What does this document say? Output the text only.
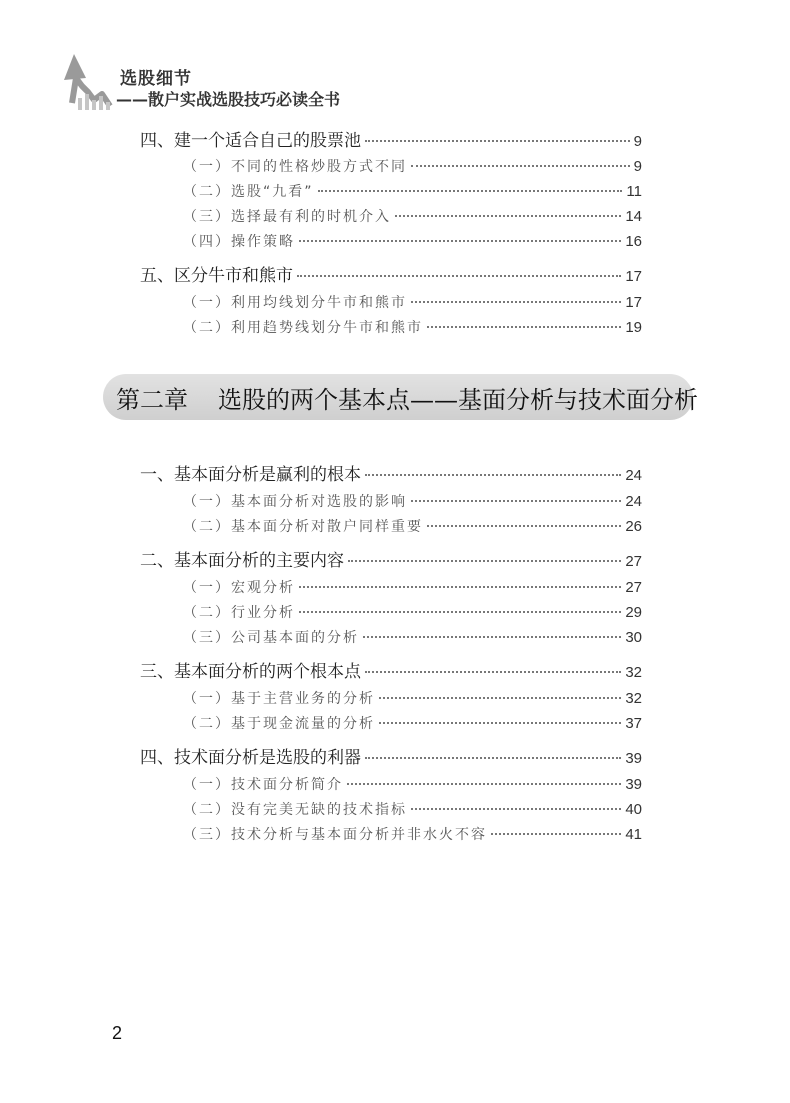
选股细节
——散户实战选股技巧必读全书
四、建一个适合自己的股票池	9
（一）不同的性格炒股方式不同	9
（二）选股“九看”	11
（三）选择最有利的时机介入	14
（四）操作策略	16
五、区分牛市和熊市	17
（一）利用均线划分牛市和熊市	17
（二）利用趋势线划分牛市和熊市	19
第二章 选股的两个基本点——基面分析与技术面分析
一、基本面分析是赢利的根本	24
（一）基本面分析对选股的影响	24
（二）基本面分析对散户同样重要	26
二、基本面分析的主要内容	27
（一）宏观分析	27
（二）行业分析	29
（三）公司基本面的分析	30
三、基本面分析的两个根本点	32
（一）基于主营业务的分析	32
（二）基于现金流量的分析	37
四、技术面分析是选股的利器	39
（一）技术面分析简介	39
（二）没有完美无缺的技术指标	40
（三）技术分析与基本面分析并非水火不容	41
2
